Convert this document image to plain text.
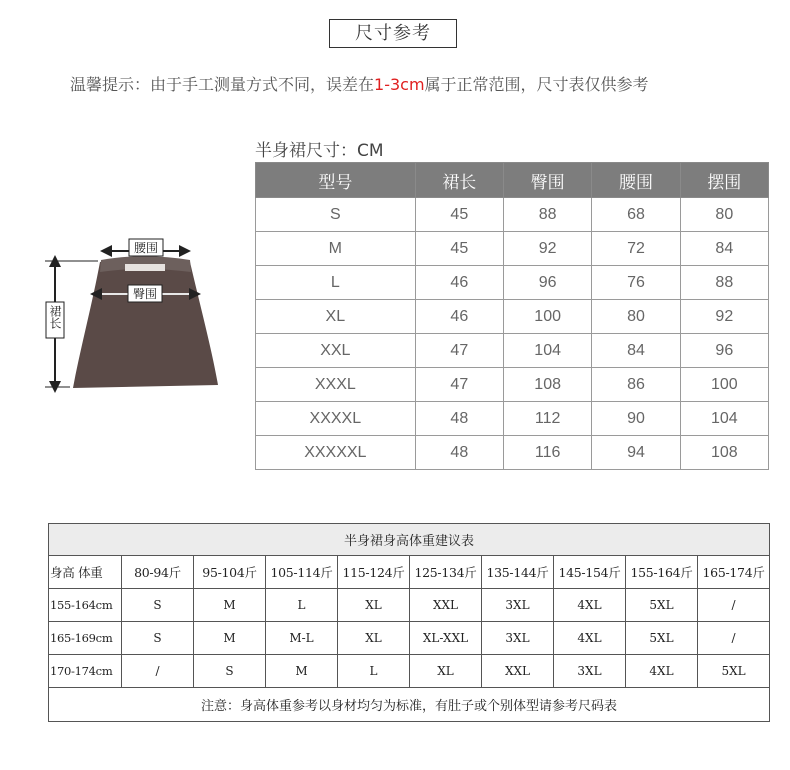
尺寸参考
温馨提示：由于手工测量方式不同，误差在1-3cm属于正常范围，尺寸表仅供参考
半身裙尺寸：CM
型号	裙长	臀围	腰围	摆围
S	45	88	68	80
M	45	92	72	84
L	46	96	76	88
XL	46	100	80	92
XXL	47	104	84	96
XXXL	47	108	86	100
XXXXL	48	112	90	104
XXXXXL	48	116	94	108
腰围
臀围
裙长
半身裙身高体重建议表									
身高 体重	80-94斤	95-104斤	105-114斤	115-124斤	125-134斤	135-144斤	145-154斤	155-164斤	165-174斤
155-164cm	S	M	L	XL	XXL	3XL	4XL	5XL	/
165-169cm	S	M	M-L	XL	XL-XXL	3XL	4XL	5XL	/
170-174cm	/	S	M	L	XL	XXL	3XL	4XL	5XL
注意：身高体重参考以身材均匀为标准，有肚子或个别体型请参考尺码表									
